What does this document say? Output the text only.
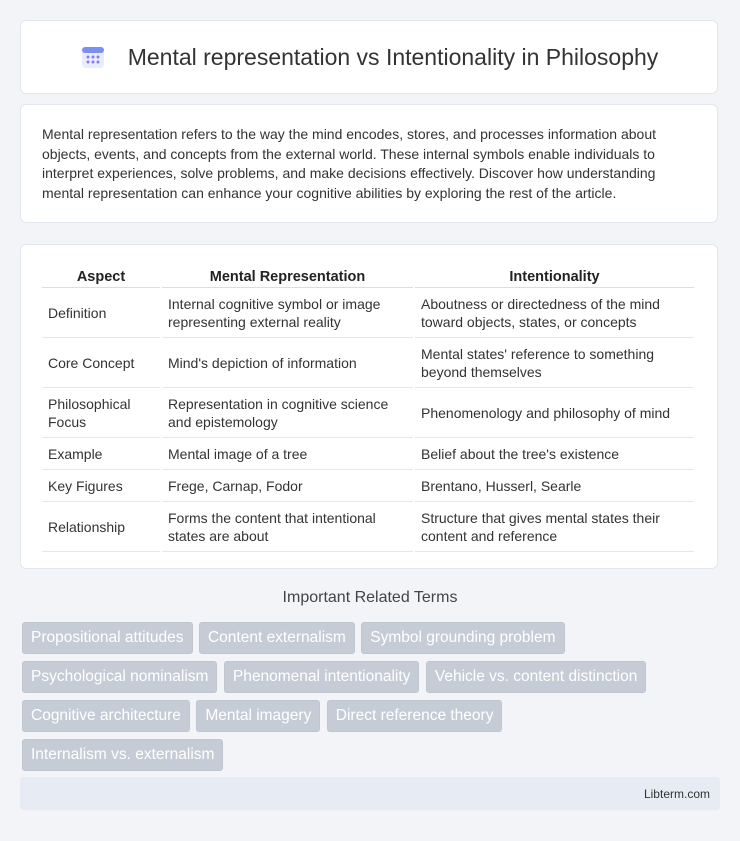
Mental representation vs Intentionality in Philosophy

Mental representation refers to the way the mind encodes, stores, and processes information about objects, events, and concepts from the external world. These internal symbols enable individuals to interpret experiences, solve problems, and make decisions effectively. Discover how understanding mental representation can enhance your cognitive abilities by exploring the rest of the article.

Aspect	Mental Representation	Intentionality
Definition	Internal cognitive symbol or image representing external reality	Aboutness or directedness of the mind toward objects, states, or concepts
Core Concept	Mind's depiction of information	Mental states' reference to something beyond themselves
Philosophical Focus	Representation in cognitive science and epistemology	Phenomenology and philosophy of mind
Example	Mental image of a tree	Belief about the tree's existence
Key Figures	Frege, Carnap, Fodor	Brentano, Husserl, Searle
Relationship	Forms the content that intentional states are about	Structure that gives mental states their content and reference
Important Related Terms
Propositional attitudes Content externalism Symbol grounding problem
Psychological nominalism Phenomenal intentionality Vehicle vs. content distinction
Cognitive architecture Mental imagery Direct reference theory
Internalism vs. externalism
Libterm.com
